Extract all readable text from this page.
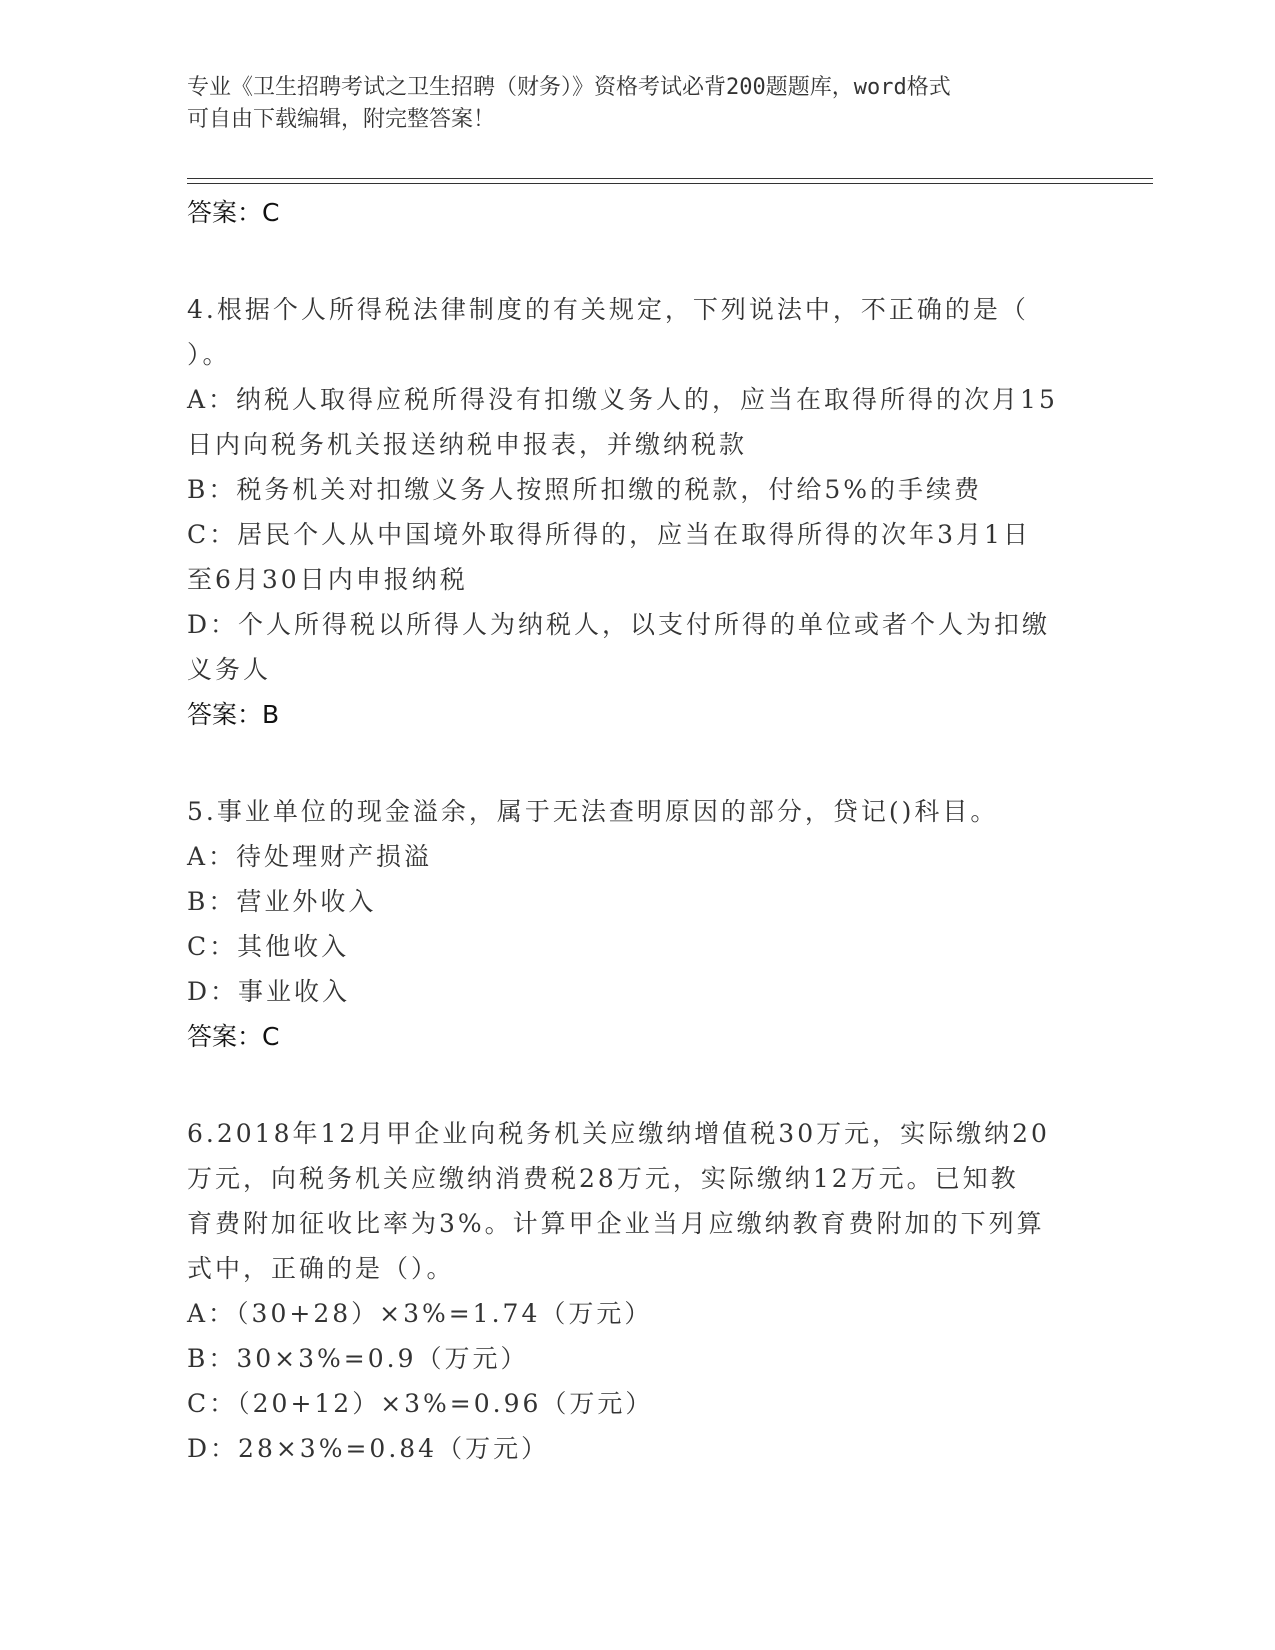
专业《卫生招聘考试之卫生招聘（财务）》资格考试必背200题题库，word格式
可自由下载编辑，附完整答案！
答案：C
4.根据个人所得税法律制度的有关规定，下列说法中，不正确的是（
）。
A：纳税人取得应税所得没有扣缴义务人的，应当在取得所得的次月15
日内向税务机关报送纳税申报表，并缴纳税款
B：税务机关对扣缴义务人按照所扣缴的税款，付给5%的手续费
C：居民个人从中国境外取得所得的，应当在取得所得的次年3月1日
至6月30日内申报纳税
D：个人所得税以所得人为纳税人，以支付所得的单位或者个人为扣缴
义务人
答案：B
5.事业单位的现金溢余，属于无法查明原因的部分，贷记()科目。
A：待处理财产损溢
B：营业外收入
C：其他收入
D：事业收入
答案：C
6.2018年12月甲企业向税务机关应缴纳增值税30万元，实际缴纳20
万元，向税务机关应缴纳消费税28万元，实际缴纳12万元。已知教
育费附加征收比率为3%。计算甲企业当月应缴纳教育费附加的下列算
式中，正确的是（）。
A：（30+28）×3%=1.74（万元）
B：30×3%=0.9（万元）
C：（20+12）×3%=0.96（万元）
D：28×3%=0.84（万元）
